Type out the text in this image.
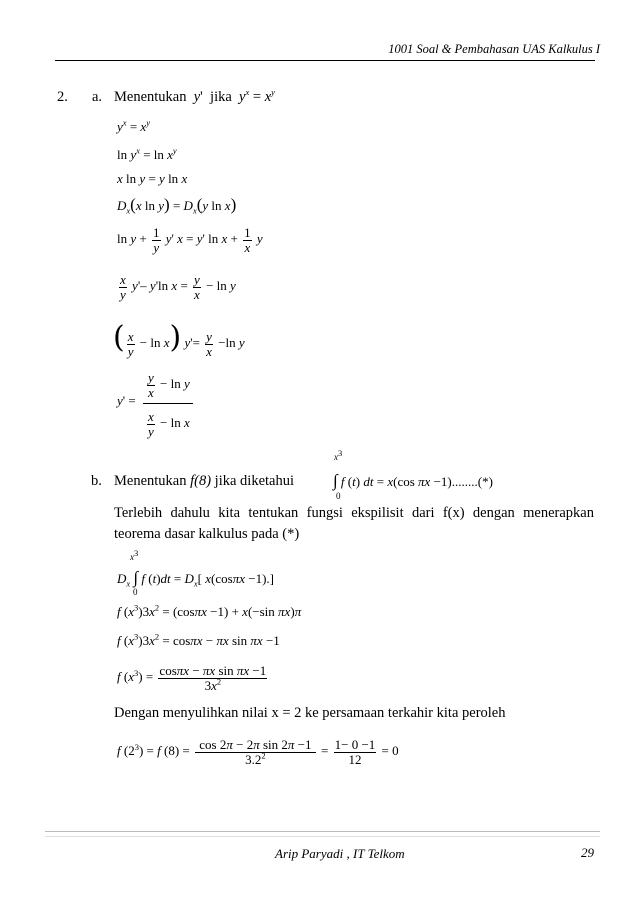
1001 Soal & Pembahasan UAS Kalkulus I
2. a. Menentukan  y'  jika $y^x = x^y$
$y^x = x^y$
$\ln y^x = \ln x^y$
x ln y = y ln x
$D_x(x$ $\ln y) = D_x(y$ ln x)
$\ln y + \frac{1}{y} y'$ x = y' $\ln x + \frac{1}{x}$ y
$\frac{x}{y} y'-$ y'ln $x = \frac{y}{x} - \ln y$
( $\frac{x}{y} - \ln x$) $y'= \frac{y}{x} -\ln$ y
y' =
$\frac{y}{x} - \ln y$
$\frac{x}{y} - \ln x$
b. Menentukan f(8) jika diketahui
$x^3$
∫ f (t) dt = x(cos πx −1)........(*)
0
Terlebih dahulu kita tentukan fungsi ekspilisit dari f(x) dengan menerapkan teorema dasar kalkulus pada (*)
$x^3$
$D_x$ ∫ f $(t)dt = D_x$[ x(cosπx −1).]
0
f $(x^3)3x^2 = (\cos\pi x -1) + x(-\sin$ πx)π
f $(x^3)3x^2 = \cos\pi x - \pi x$ sin πx −1
f $(x^3) = \frac{\text{cosπx − πx sin πx −1}}{3x^2}$
Dengan menyulihkan nilai x = 2 ke persamaan terkahir kita peroleh
f $(2^3) = f$ $(8) = \frac{\text{cos 2π − 2π sin 2π −1}}{3.2^2} = \frac{1- 0 -1}{12} = 0$
Arip Paryadi , IT Telkom	29
